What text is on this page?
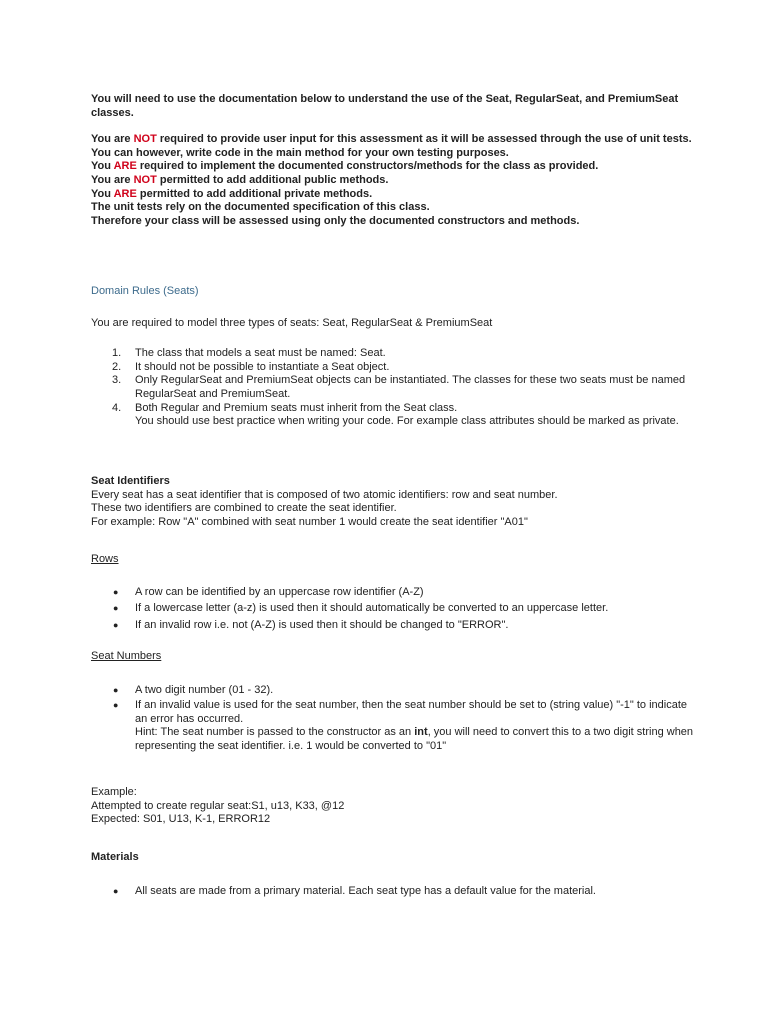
You will need to use the documentation below to understand the use of the Seat, RegularSeat, and PremiumSeat classes.

You are NOT required to provide user input for this assessment as it will be assessed through the use of unit tests.

You can however, write code in the main method for your own testing purposes.

You ARE required to implement the documented constructors/methods for the class as provided.

You are NOT permitted to add additional public methods.

You ARE permitted to add additional private methods.

The unit tests rely on the documented specification of this class.

Therefore your class will be assessed using only the documented constructors and methods.

Domain Rules (Seats)

You are required to model three types of seats: Seat, RegularSeat & PremiumSeat

1. The class that models a seat must be named: Seat.
2. It should not be possible to instantiate a Seat object.
3. Only RegularSeat and PremiumSeat objects can be instantiated. The classes for these two seats must be named RegularSeat and PremiumSeat.
4. Both Regular and Premium seats must inherit from the Seat class.
You should use best practice when writing your code. For example class attributes should be marked as private.

Seat Identifiers

Every seat has a seat identifier that is composed of two atomic identifiers: row and seat number.

These two identifiers are combined to create the seat identifier.

For example: Row "A" combined with seat number 1 would create the seat identifier "A01"

Rows

● A row can be identified by an uppercase row identifier (A-Z)
● If a lowercase letter (a-z) is used then it should automatically be converted to an uppercase letter.
● If an invalid row i.e. not (A-Z) is used then it should be changed to "ERROR".

Seat Numbers

● A two digit number (01 - 32).
● If an invalid value is used for the seat number, then the seat number should be set to (string value) "-1" to indicate an error has occurred.
Hint: The seat number is passed to the constructor as an int, you will need to convert this to a two digit string when representing the seat identifier. i.e. 1 would be converted to "01"

Example:

Attempted to create regular seat:S1, u13, K33, @12

Expected: S01, U13, K-1, ERROR12

Materials

● All seats are made from a primary material. Each seat type has a default value for the material.
